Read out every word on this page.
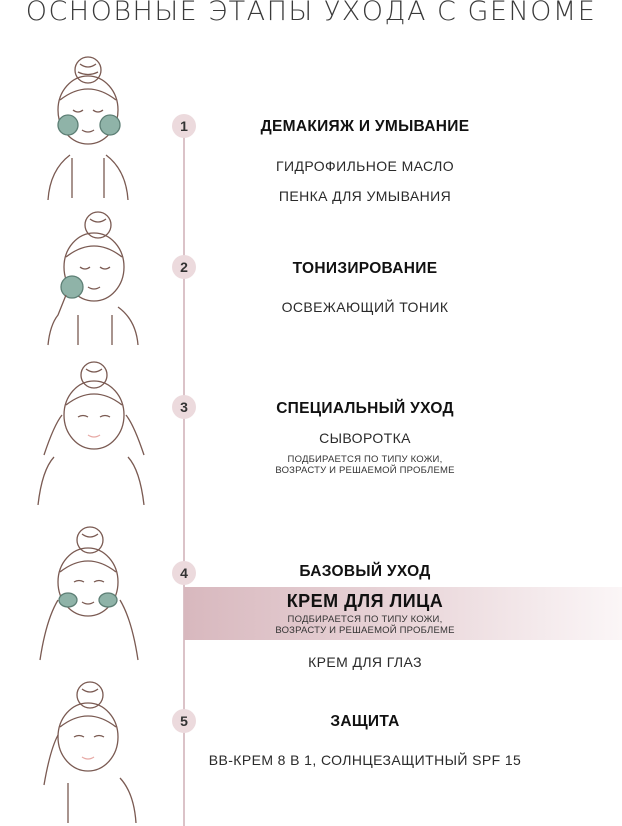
ОСНОВНЫЕ ЭТАПЫ УХОДА С GENOME
1	ДЕМАКИЯЖ И УМЫВАНИЕ
ГИДРОФИЛЬНОЕ МАСЛО
ПЕНКА ДЛЯ УМЫВАНИЯ
2	ТОНИЗИРОВАНИЕ
ОСВЕЖАЮЩИЙ ТОНИК
3	СПЕЦИАЛЬНЫЙ УХОД
СЫВОРОТКА
ПОДБИРАЕТСЯ ПО ТИПУ КОЖИ,
ВОЗРАСТУ И РЕШАЕМОЙ ПРОБЛЕМЕ
4	БАЗОВЫЙ УХОД
КРЕМ ДЛЯ ЛИЦА
ПОДБИРАЕТСЯ ПО ТИПУ КОЖИ,
ВОЗРАСТУ И РЕШАЕМОЙ ПРОБЛЕМЕ
КРЕМ ДЛЯ ГЛАЗ
5	ЗАЩИТА
ВВ-КРЕМ 8 В 1, СОЛНЦЕЗАЩИТНЫЙ SPF 15
